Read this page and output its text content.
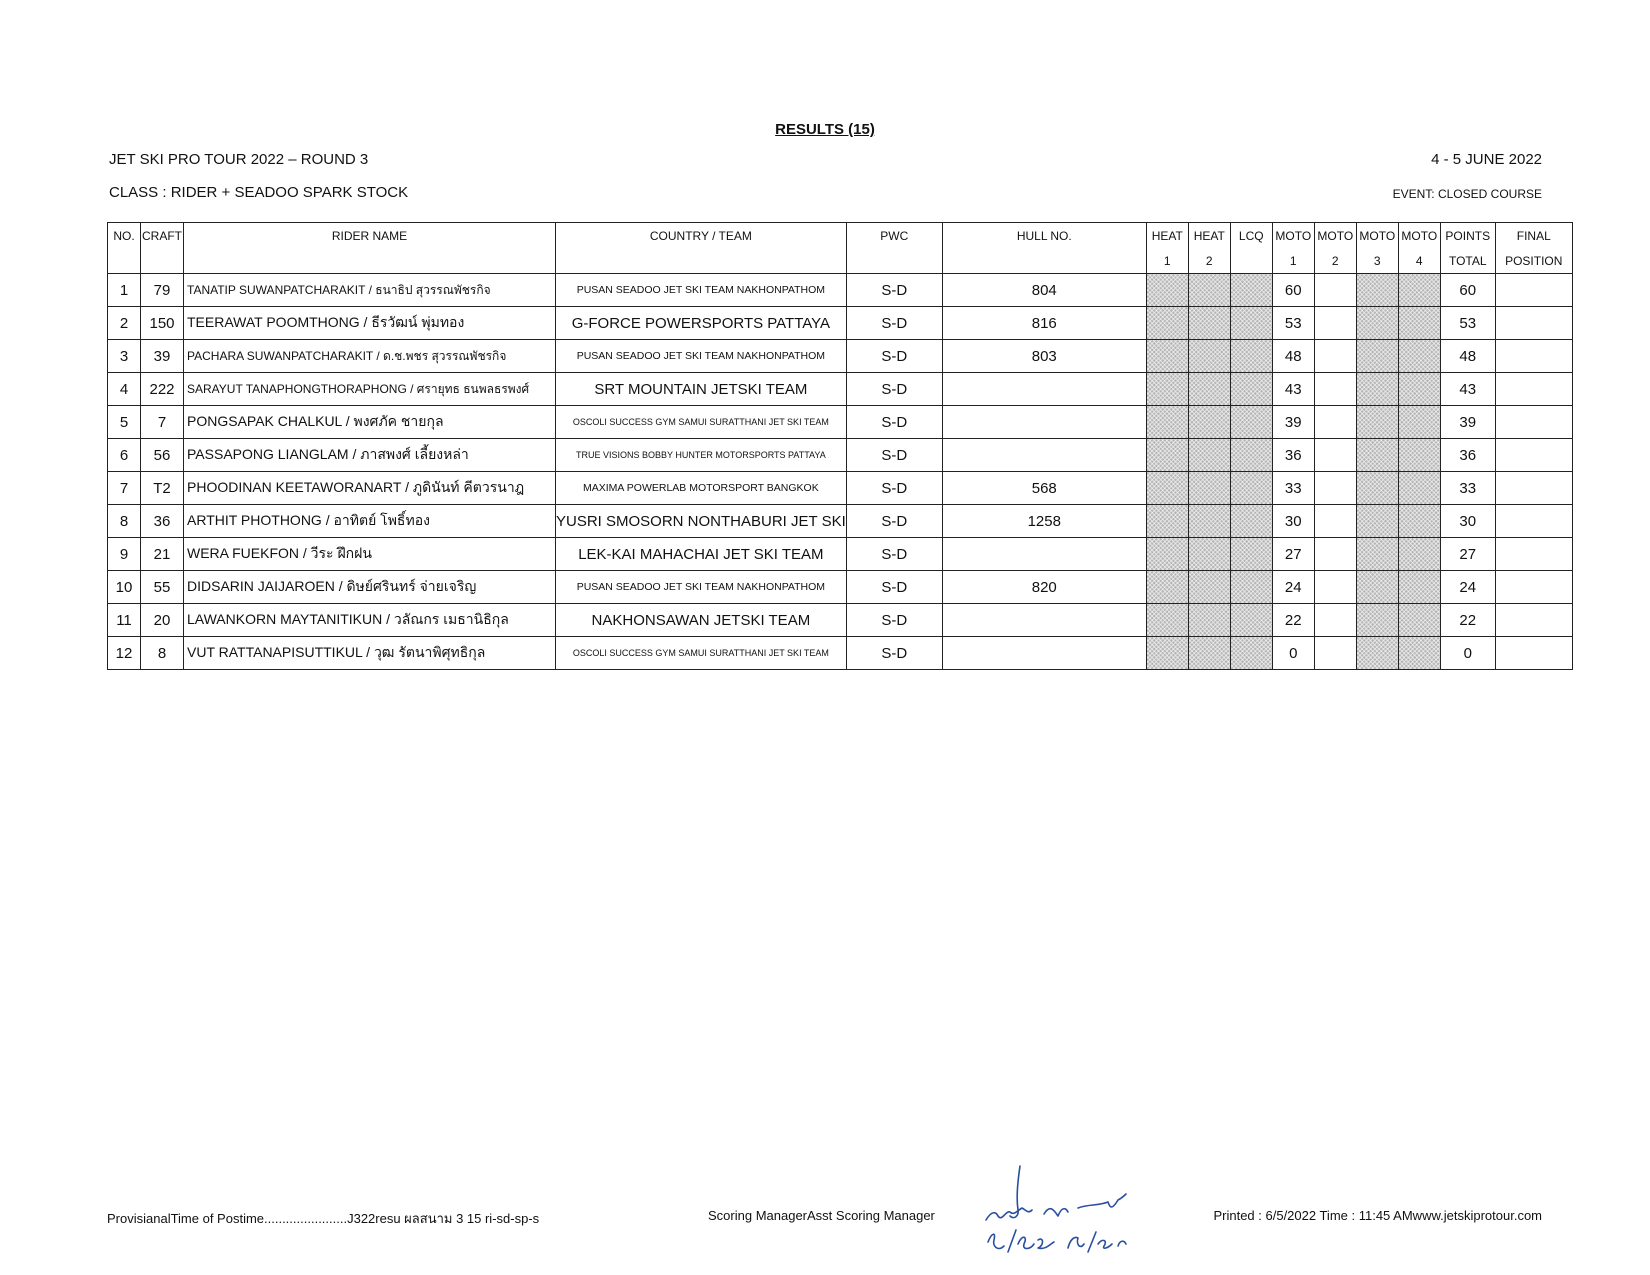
RESULTS (15)
JET SKI PRO TOUR 2022 – ROUND 3	4 - 5 JUNE 2022
CLASS : RIDER + SEADOO SPARK STOCK	EVENT: CLOSED COURSE
NO.	CRAFT	RIDER NAME	COUNTRY / TEAM	PWC	HULL NO.	HEAT	HEAT	LCQ	MOTO	MOTO	MOTO	MOTO	POINTS	FINAL
						1	2		1	2	3	4	TOTAL	POSITION
1	79	TANATIP SUWANPATCHARAKIT / ธนาธิป สุวรรณพัชรกิจ	PUSAN SEADOO JET SKI TEAM NAKHONPATHOM	S-D	804				60				60	
2	150	TEERAWAT POOMTHONG / ธีรวัฒน์ พุ่มทอง	G-FORCE POWERSPORTS PATTAYA	S-D	816				53				53	
3	39	PACHARA SUWANPATCHARAKIT / ด.ช.พชร สุวรรณพัชรกิจ	PUSAN SEADOO JET SKI TEAM NAKHONPATHOM	S-D	803				48				48	
4	222	SARAYUT TANAPHONGTHORAPHONG / ศรายุทธ ธนพลธรพงศ์	SRT MOUNTAIN JETSKI TEAM	S-D					43				43	
5	7	PONGSAPAK CHALKUL / พงศภัค ชายกุล	OSCOLI SUCCESS GYM SAMUI SURATTHANI JET SKI TEAM	S-D					39				39	
6	56	PASSAPONG LIANGLAM / ภาสพงศ์ เลี้ยงหล่า	TRUE VISIONS BOBBY HUNTER MOTORSPORTS PATTAYA	S-D					36				36	
7	T2	PHOODINAN KEETAWORANART / ภูดินันท์ คีตวรนาฎ	MAXIMA POWERLAB MOTORSPORT BANGKOK	S-D	568				33				33	
8	36	ARTHIT PHOTHONG / อาทิตย์ โพธิ์ทอง	YUSRI SMOSORN NONTHABURI JET SKI	S-D	1258				30				30	
9	21	WERA FUEKFON / วีระ ฝึกฝน	LEK-KAI MAHACHAI JET SKI TEAM	S-D					27				27	
10	55	DIDSARIN JAIJAROEN / ดิษย์ศรินทร์ จ่ายเจริญ	PUSAN SEADOO JET SKI TEAM NAKHONPATHOM	S-D	820				24				24	
11	20	LAWANKORN MAYTANITIKUN / วลัณกร เมธานิธิกุล	NAKHONSAWAN JETSKI TEAM	S-D					22				22	
12	8	VUT RATTANAPISUTTIKUL / วุฒ รัตนาพิศุทธิกุล	OSCOLI SUCCESS GYM SAMUI SURATTHANI JET SKI TEAM	S-D					0				0	
ProvisianalTime of Postime.......................J322resu ผลสนาม 3 15 ri-sd-sp-s	Scoring ManagerAsst Scoring Manager	Printed : 6/5/2022 Time : 11:45 AMwww.jetskiprotour.com
